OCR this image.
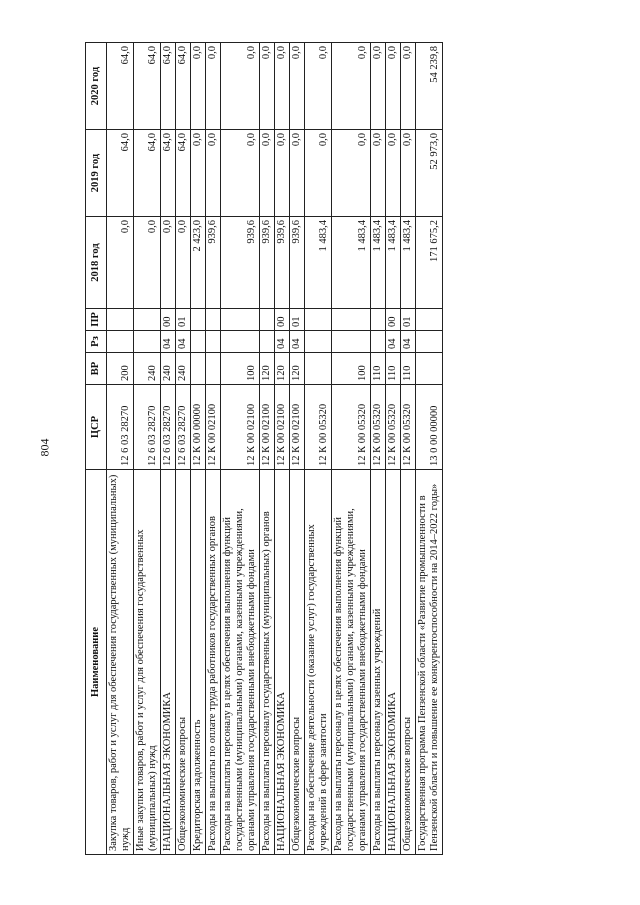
804
Наименование	ЦСР	ВР	Рз	ПР	2018 год	2019 год	2020 год
Закупка товаров, работ и услуг для обеспечения государственных (муниципальных) нужд	12 6 03 28270	200			0,0	64,0	64,0
Иные закупки товаров, работ и услуг для обеспечения государственных (муниципальных) нужд	12 6 03 28270	240			0,0	64,0	64,0
НАЦИОНАЛЬНАЯ ЭКОНОМИКА	12 6 03 28270	240	04	00	0,0	64,0	64,0
Общеэкономические вопросы	12 6 03 28270	240	04	01	0,0	64,0	64,0
Кредиторская задолженность	12 К 00 00000				2 423,0	0,0	0,0
Расходы на выплаты по оплате труда работников государственных органов	12 К 00 02100				939,6	0,0	0,0
Расходы на выплаты персоналу в целях обеспечения выполнения функций государственными (муниципальными) органами, казенными учреждениями, органами управления государственными внебюджетными фондами	12 К 00 02100	100			939,6	0,0	0,0
Расходы на выплаты персоналу государственных (муниципальных) органов	12 К 00 02100	120			939,6	0,0	0,0
НАЦИОНАЛЬНАЯ ЭКОНОМИКА	12 К 00 02100	120	04	00	939,6	0,0	0,0
Общеэкономические вопросы	12 К 00 02100	120	04	01	939,6	0,0	0,0
Расходы на обеспечение деятельности (оказание услуг) государственных учреждений в сфере занятости	12 К 00 05320				1 483,4	0,0	0,0
Расходы на выплаты персоналу в целях обеспечения выполнения функций государственными (муниципальными) органами, казенными учреждениями, органами управления государственными внебюджетными фондами	12 К 00 05320	100			1 483,4	0,0	0,0
Расходы на выплаты персоналу казенных учреждений	12 К 00 05320	110			1 483,4	0,0	0,0
НАЦИОНАЛЬНАЯ ЭКОНОМИКА	12 К 00 05320	110	04	00	1 483,4	0,0	0,0
Общеэкономические вопросы	12 К 00 05320	110	04	01	1 483,4	0,0	0,0
Государственная программа Пензенской области «Развитие промышленности в Пензенской области и повышение ее конкурентоспособности на 2014–2022 годы»	13 0 00 00000				171 675,2	52 973,0	54 239,8
